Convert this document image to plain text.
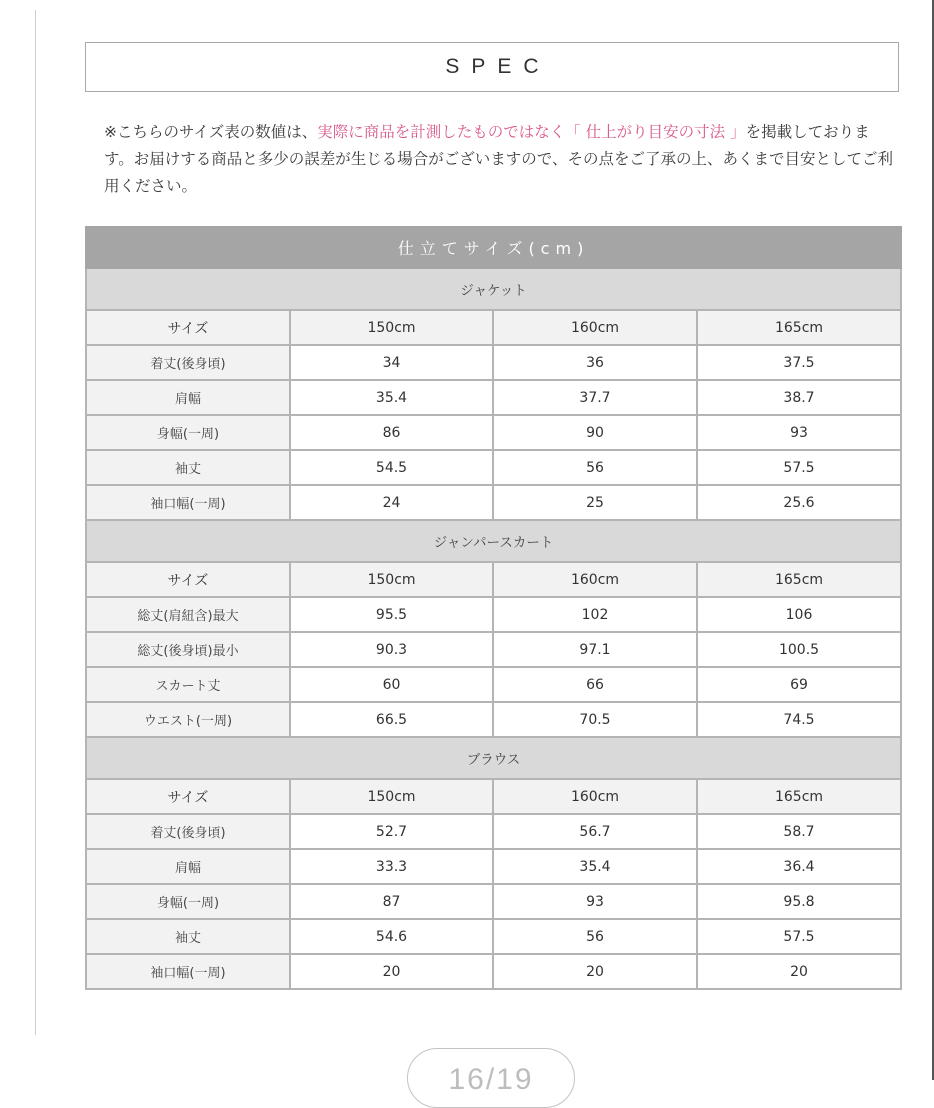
SPEC

※こちらのサイズ表の数値は、実際に商品を計測したものではなく「 仕上がり目安の寸法 」を掲載しております。お届けする商品と多少の誤差が生じる場合がございますので、その点をご了承の上、あくまで目安としてご利用ください。

仕立てサイズ(cm)			
ジャケット			
サイズ	150cm	160cm	165cm
着丈(後身頃)	34	36	37.5
肩幅	35.4	37.7	38.7
身幅(一周)	86	90	93
袖丈	54.5	56	57.5
袖口幅(一周)	24	25	25.6
ジャンパースカート			
サイズ	150cm	160cm	165cm
総丈(肩紐含)最大	95.5	102	106
総丈(後身頃)最小	90.3	97.1	100.5
スカート丈	60	66	69
ウエスト(一周)	66.5	70.5	74.5
ブラウス			
サイズ	150cm	160cm	165cm
着丈(後身頃)	52.7	56.7	58.7
肩幅	33.3	35.4	36.4
身幅(一周)	87	93	95.8
袖丈	54.6	56	57.5
袖口幅(一周)	20	20	20
16/19
